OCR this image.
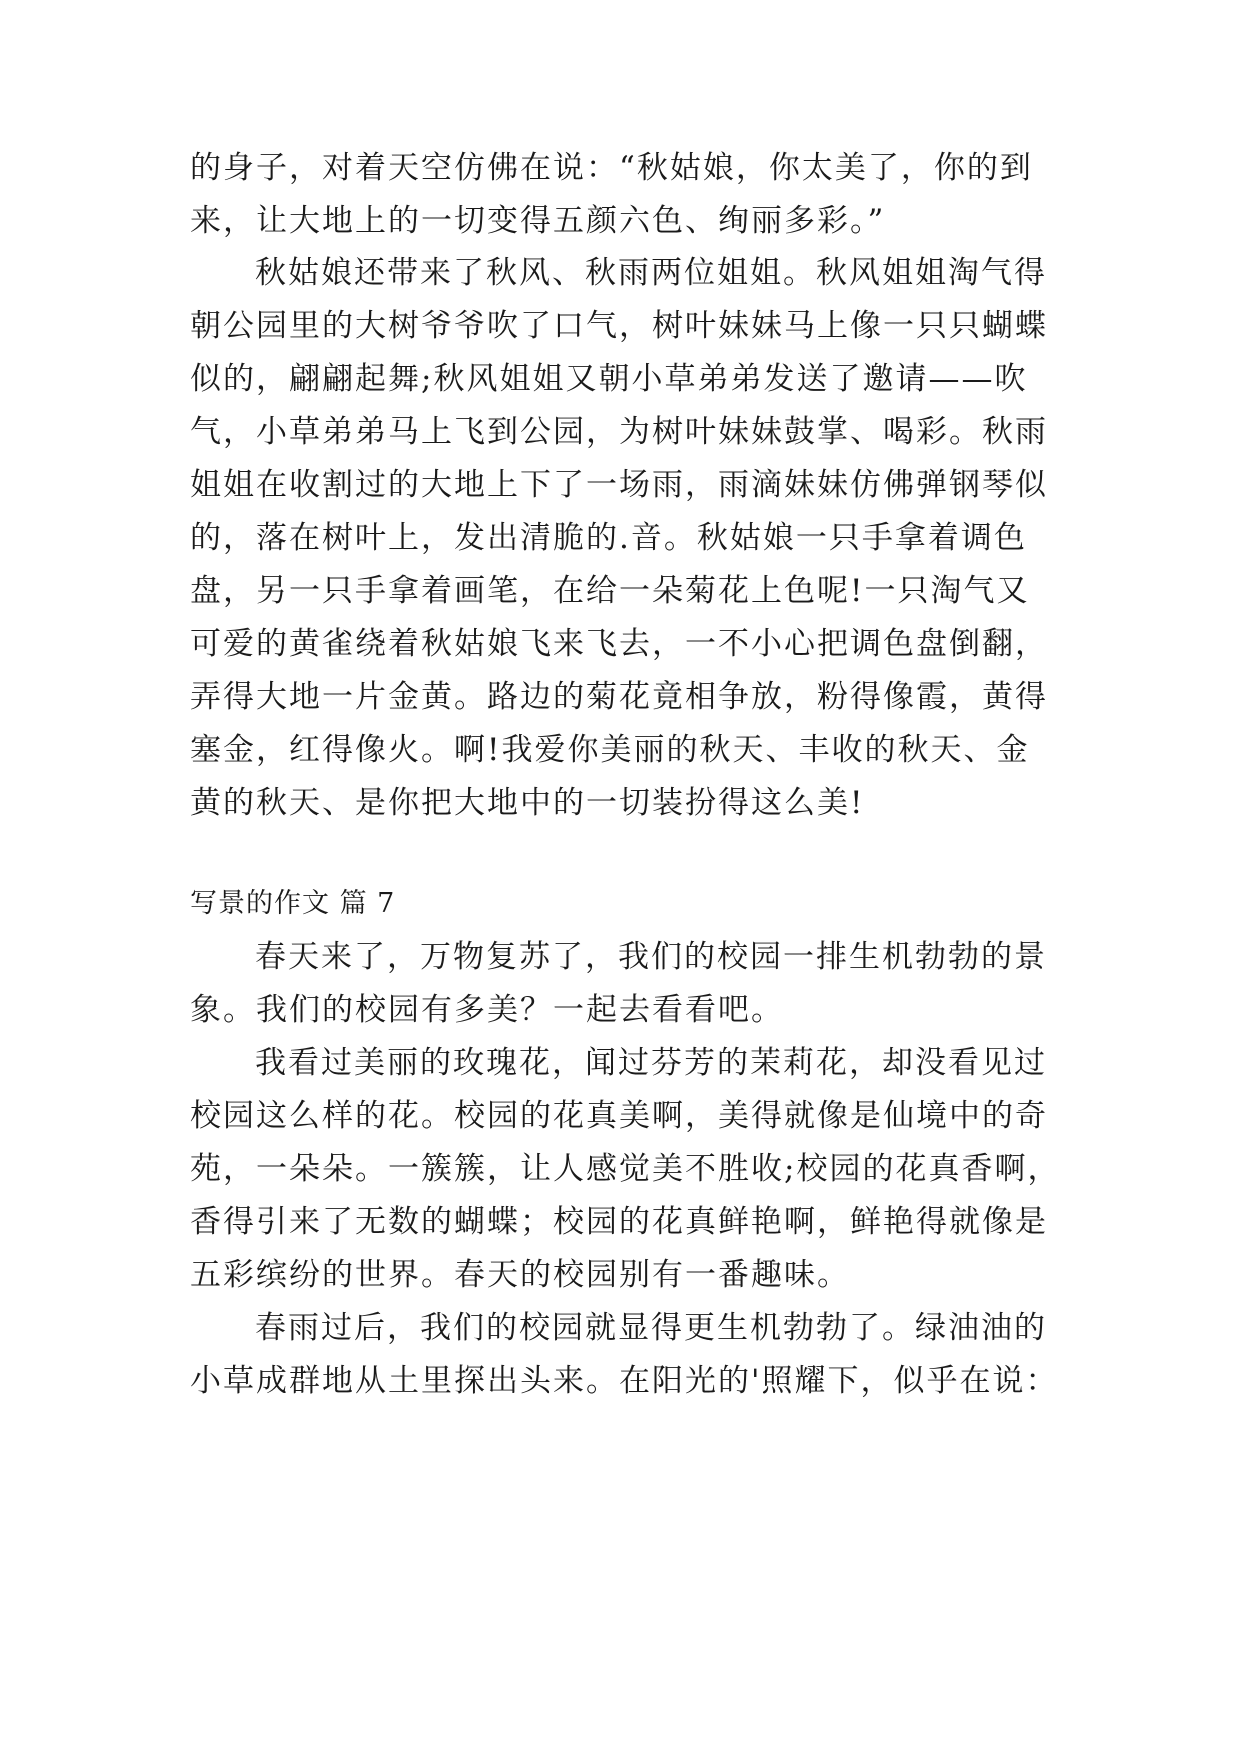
的身子，对着天空仿佛在说：“秋姑娘，你太美了，你的到
来，让大地上的一切变得五颜六色、绚丽多彩。”
秋姑娘还带来了秋风、秋雨两位姐姐。秋风姐姐淘气得
朝公园里的大树爷爷吹了口气，树叶妹妹马上像一只只蝴蝶
似的，翩翩起舞;秋风姐姐又朝小草弟弟发送了邀请——吹
气，小草弟弟马上飞到公园，为树叶妹妹鼓掌、喝彩。秋雨
姐姐在收割过的大地上下了一场雨，雨滴妹妹仿佛弹钢琴似
的，落在树叶上，发出清脆的.音。秋姑娘一只手拿着调色
盘，另一只手拿着画笔，在给一朵菊花上色呢!一只淘气又
可爱的黄雀绕着秋姑娘飞来飞去，一不小心把调色盘倒翻，
弄得大地一片金黄。路边的菊花竟相争放，粉得像霞，黄得
塞金，红得像火。啊!我爱你美丽的秋天、丰收的秋天、金
黄的秋天、是你把大地中的一切装扮得这么美!
写景的作文 篇 7
春天来了，万物复苏了，我们的校园一排生机勃勃的景
象。我们的校园有多美？一起去看看吧。
我看过美丽的玫瑰花，闻过芬芳的茉莉花，却没看见过
校园这么样的花。校园的花真美啊，美得就像是仙境中的奇
苑，一朵朵。一簇簇，让人感觉美不胜收;校园的花真香啊，
香得引来了无数的蝴蝶；校园的花真鲜艳啊，鲜艳得就像是
五彩缤纷的世界。春天的校园别有一番趣味。
春雨过后，我们的校园就显得更生机勃勃了。绿油油的
小草成群地从土里探出头来。在阳光的'照耀下，似乎在说：
